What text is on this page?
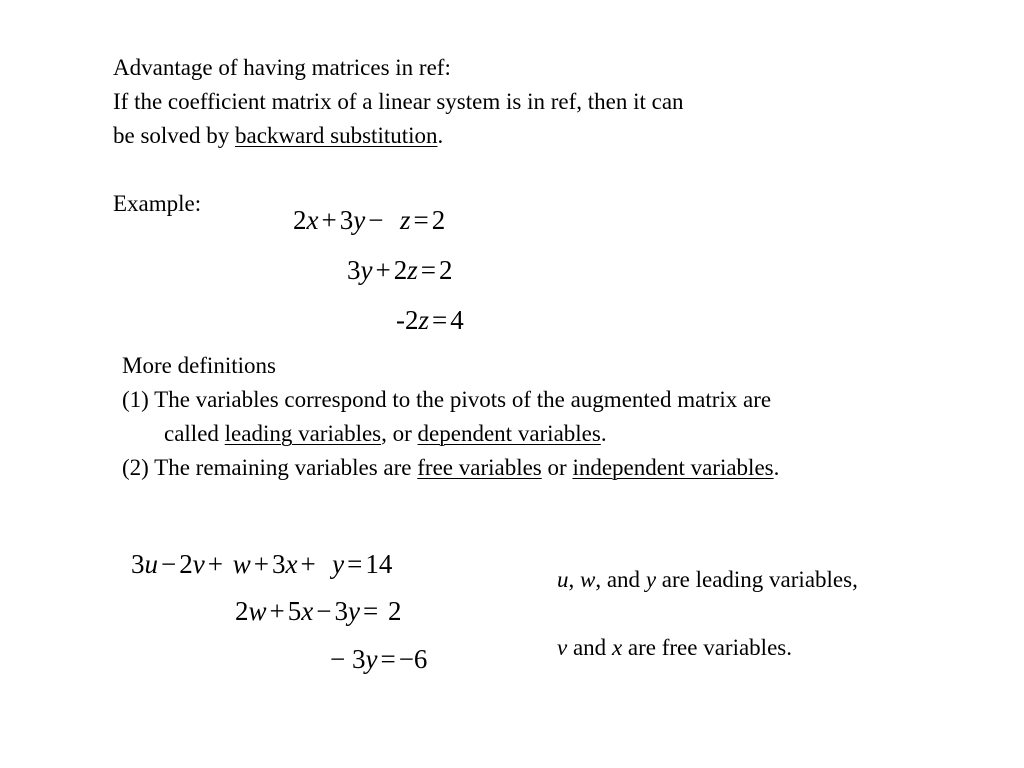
Advantage of having matrices in ref:
If the coefficient matrix of a linear system is in ref, then it can
be solved by backward substitution.
Example:
2x + 3y − z = 2
3y + 2z = 2
-2z = 4
More definitions
(1) The variables correspond to the pivots of the augmented matrix are
called leading variables, or dependent variables.
(2) The remaining variables are free variables or independent variables.
3u − 2v + w + 3x + y = 14
2w + 5x − 3y = 2
− 3y = −6
u, w, and y are leading variables,
v and x are free variables.
